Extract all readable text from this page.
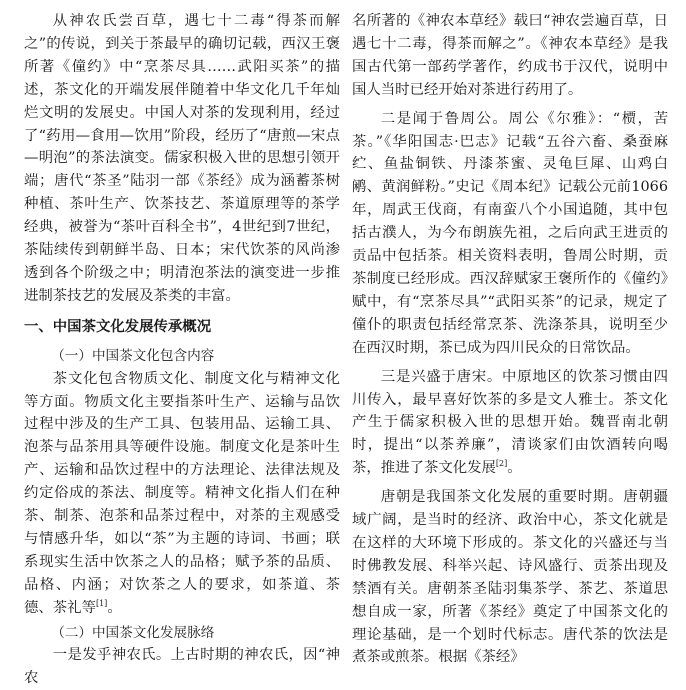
从神农氏尝百草，遇七十二毒“得茶而解之”的传说，到关于茶最早的确切记载，西汉王褒所著《僮约》中“烹茶尽具……武阳买茶”的描述，茶文化的开端发展伴随着中华文化几千年灿烂文明的发展史。中国人对茶的发现利用，经过了“药用—食用—饮用”阶段，经历了“唐煎—宋点—明泡”的茶法演变。儒家积极入世的思想引领开端；唐代“茶圣”陆羽一部《茶经》成为涵蓄茶树种植、茶叶生产、饮茶技艺、茶道原理等的茶学经典，被誉为“茶叶百科全书”，4世纪到7世纪，茶陆续传到朝鲜半岛、日本；宋代饮茶的风尚渗透到各个阶级之中；明清泡茶法的演变进一步推进制茶技艺的发展及茶类的丰富。

一、中国茶文化发展传承概况

（一）中国茶文化包含内容

茶文化包含物质文化、制度文化与精神文化等方面。物质文化主要指茶叶生产、运输与品饮过程中涉及的生产工具、包装用品、运输工具、泡茶与品茶用具等硬件设施。制度文化是茶叶生产、运输和品饮过程中的方法理论、法律法规及约定俗成的茶法、制度等。精神文化指人们在种茶、制茶、泡茶和品茶过程中，对茶的主观感受与情感升华，如以“茶”为主题的诗词、书画；联系现实生活中饮茶之人的品格；赋予茶的品质、品格、内涵；对饮茶之人的要求，如茶道、茶德、茶礼等[1]。

（二）中国茶文化发展脉络

一是发乎神农氏。上古时期的神农氏，因“神农

名所著的《神农本草经》载曰“神农尝遍百草，日遇七十二毒，得茶而解之”。《神农本草经》是我国古代第一部药学著作，约成书于汉代，说明中国人当时已经开始对茶进行药用了。

二是闻于鲁周公。周公《尔雅》：“槚，苦茶。”《华阳国志·巴志》记载“五谷六畜、桑蚕麻纻、鱼盐铜铁、丹漆茶蜜、灵龟巨犀、山鸡白鹇、黄润鲜粉。”史记《周本纪》记载公元前1066年，周武王伐商，有南蛮八个小国追随，其中包括古濮人，为今布朗族先祖，之后向武王进贡的贡品中包括茶。相关资料表明，鲁周公时期，贡茶制度已经形成。西汉辞赋家王褒所作的《僮约》赋中，有“烹茶尽具”“武阳买茶”的记录，规定了僮仆的职责包括经常烹茶、洗涤茶具，说明至少在西汉时期，茶已成为四川民众的日常饮品。

三是兴盛于唐宋。中原地区的饮茶习惯由四川传入，最早喜好饮茶的多是文人雅士。茶文化产生于儒家积极入世的思想开始。魏晋南北朝时，提出“以茶养廉”，清谈家们由饮酒转向喝茶，推进了茶文化发展[2]。

唐朝是我国茶文化发展的重要时期。唐朝疆域广阔，是当时的经济、政治中心，茶文化就是在这样的大环境下形成的。茶文化的兴盛还与当时佛教发展、科举兴起、诗风盛行、贡茶出现及禁酒有关。唐朝茶圣陆羽集茶学、茶艺、茶道思想自成一家，所著《茶经》奠定了中国茶文化的理论基础，是一个划时代标志。唐代茶的饮法是煮茶或煎茶。根据《茶经》
